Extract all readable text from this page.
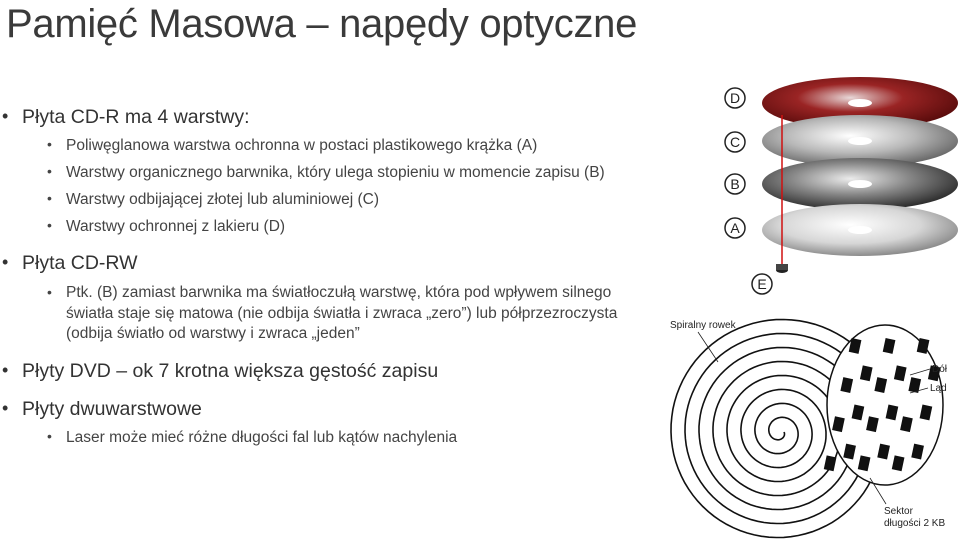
Pamięć Masowa – napędy optyczne
• Płyta CD-R ma 4 warstwy:
• Poliwęglanowa warstwa ochronna w postaci plastikowego krążka (A)
• Warstwy organicznego barwnika, który ulega stopieniu w momencie zapisu (B)
• Warstwy odbijającej złotej lub aluminiowej (C)
• Warstwy ochronnej z lakieru (D)
• Płyta CD-RW
• Ptk. (B) zamiast barwnika ma światłoczułą warstwę, która pod wpływem silnego światła staje się matowa (nie odbija światła i zwraca „zero”) lub półprzezroczysta (odbija światło od warstwy i zwraca „jeden”
• Płyty DVD – ok 7 krotna większa gęstość zapisu
• Płyty dwuwarstwowe
• Laser może mieć różne długości fal lub kątów nachylenia
D
C
B
A
E
Spiralny rowek
Dół
Ląd
Sektor
długości 2 KB
